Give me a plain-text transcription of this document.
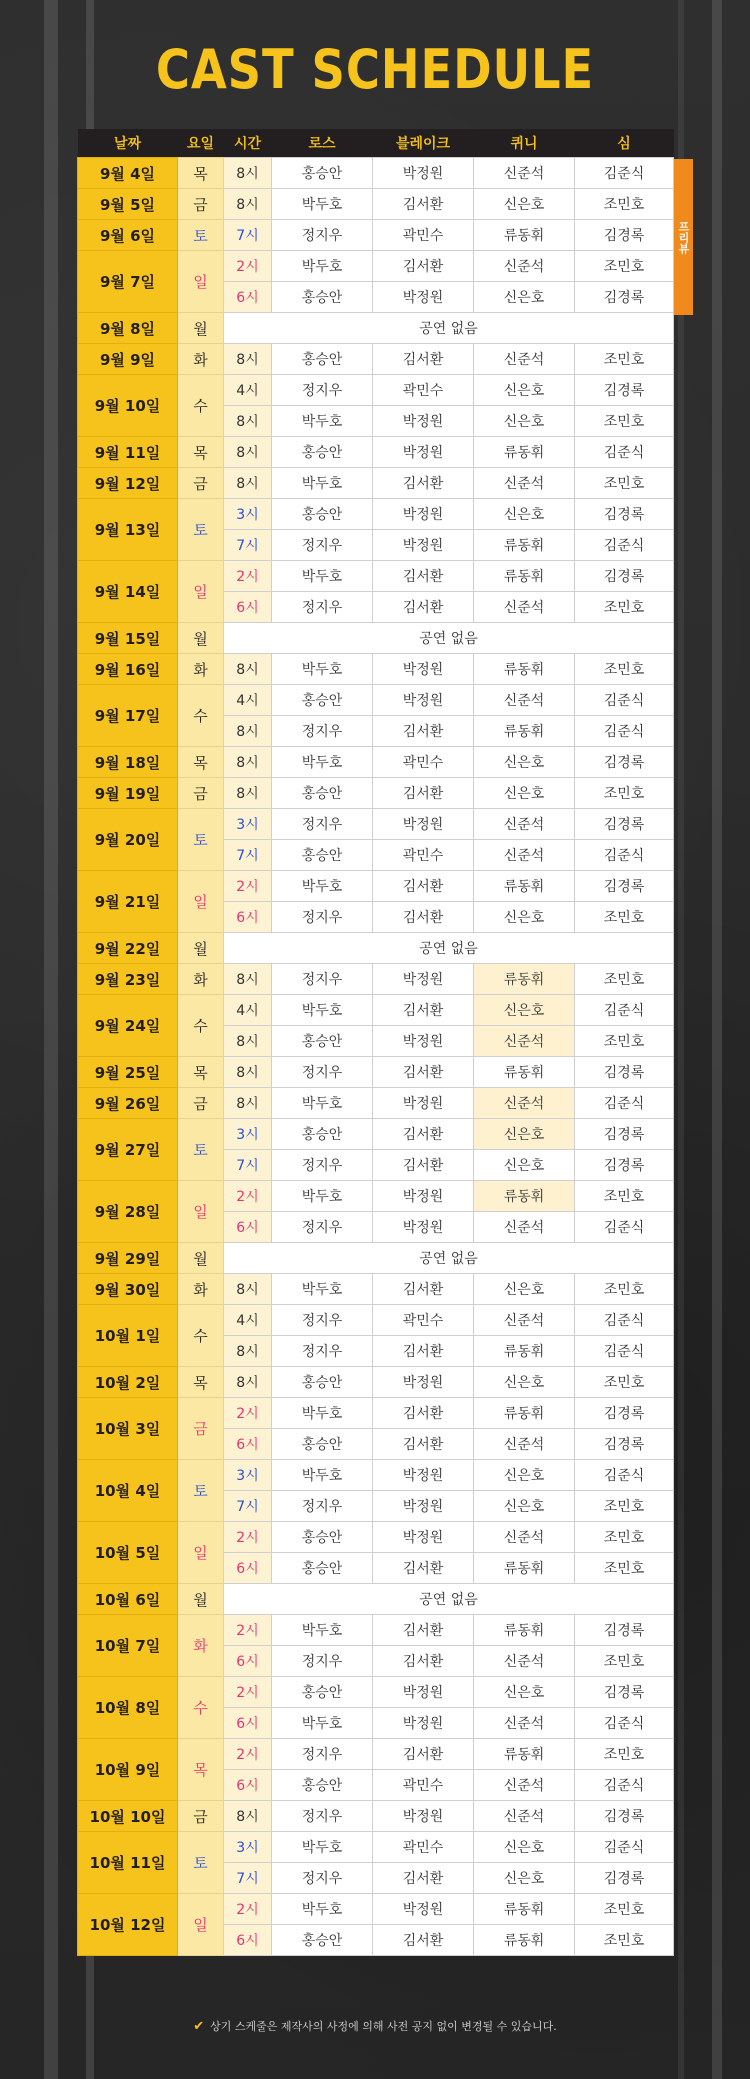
CAST SCHEDULE
날짜	요일	시간	로스	블레이크	퀴니	심
9월 4일	목	8시	홍승안	박정원	신준석	김준식
9월 5일	금	8시	박두호	김서환	신은호	조민호
9월 6일	토	7시	정지우	곽민수	류동휘	김경록
9월 7일	일	2시	박두호	김서환	신준석	조민호
		6시	홍승안	박정원	신은호	김경록
9월 8일	월	공연 없음				
9월 9일	화	8시	홍승안	김서환	신준석	조민호
9월 10일	수	4시	정지우	곽민수	신은호	김경록
		8시	박두호	박정원	신은호	조민호
9월 11일	목	8시	홍승안	박정원	류동휘	김준식
9월 12일	금	8시	박두호	김서환	신준석	조민호
9월 13일	토	3시	홍승안	박정원	신은호	김경록
		7시	정지우	박정원	류동휘	김준식
9월 14일	일	2시	박두호	김서환	류동휘	김경록
		6시	정지우	김서환	신준석	조민호
9월 15일	월	공연 없음				
9월 16일	화	8시	박두호	박정원	류동휘	조민호
9월 17일	수	4시	홍승안	박정원	신준석	김준식
		8시	정지우	김서환	류동휘	김준식
9월 18일	목	8시	박두호	곽민수	신은호	김경록
9월 19일	금	8시	홍승안	김서환	신은호	조민호
9월 20일	토	3시	정지우	박정원	신준석	김경록
		7시	홍승안	곽민수	신준석	김준식
9월 21일	일	2시	박두호	김서환	류동휘	김경록
		6시	정지우	김서환	신은호	조민호
9월 22일	월	공연 없음				
9월 23일	화	8시	정지우	박정원	류동휘	조민호
9월 24일	수	4시	박두호	김서환	신은호	김준식
		8시	홍승안	박정원	신준석	조민호
9월 25일	목	8시	정지우	김서환	류동휘	김경록
9월 26일	금	8시	박두호	박정원	신준석	김준식
9월 27일	토	3시	홍승안	김서환	신은호	김경록
		7시	정지우	김서환	신은호	김경록
9월 28일	일	2시	박두호	박정원	류동휘	조민호
		6시	정지우	박정원	신준석	김준식
9월 29일	월	공연 없음				
9월 30일	화	8시	박두호	김서환	신은호	조민호
10월 1일	수	4시	정지우	곽민수	신준석	김준식
		8시	정지우	김서환	류동휘	김준식
10월 2일	목	8시	홍승안	박정원	신은호	조민호
10월 3일	금	2시	박두호	김서환	류동휘	김경록
		6시	홍승안	김서환	신준석	김경록
10월 4일	토	3시	박두호	박정원	신은호	김준식
		7시	정지우	박정원	신은호	조민호
10월 5일	일	2시	홍승안	박정원	신준석	조민호
		6시	홍승안	김서환	류동휘	조민호
10월 6일	월	공연 없음				
10월 7일	화	2시	박두호	김서환	류동휘	김경록
		6시	정지우	김서환	신준석	조민호
10월 8일	수	2시	홍승안	박정원	신은호	김경록
		6시	박두호	박정원	신준석	김준식
10월 9일	목	2시	정지우	김서환	류동휘	조민호
		6시	홍승안	곽민수	신준석	김준식
10월 10일	금	8시	정지우	박정원	신준석	김경록
10월 11일	토	3시	박두호	곽민수	신은호	김준식
		7시	정지우	김서환	신은호	김경록
10월 12일	일	2시	박두호	박정원	류동휘	조민호
		6시	홍승안	김서환	류동휘	조민호
프리뷰
✔ 상기 스케줄은 제작사의 사정에 의해 사전 공지 없이 변경될 수 있습니다.
